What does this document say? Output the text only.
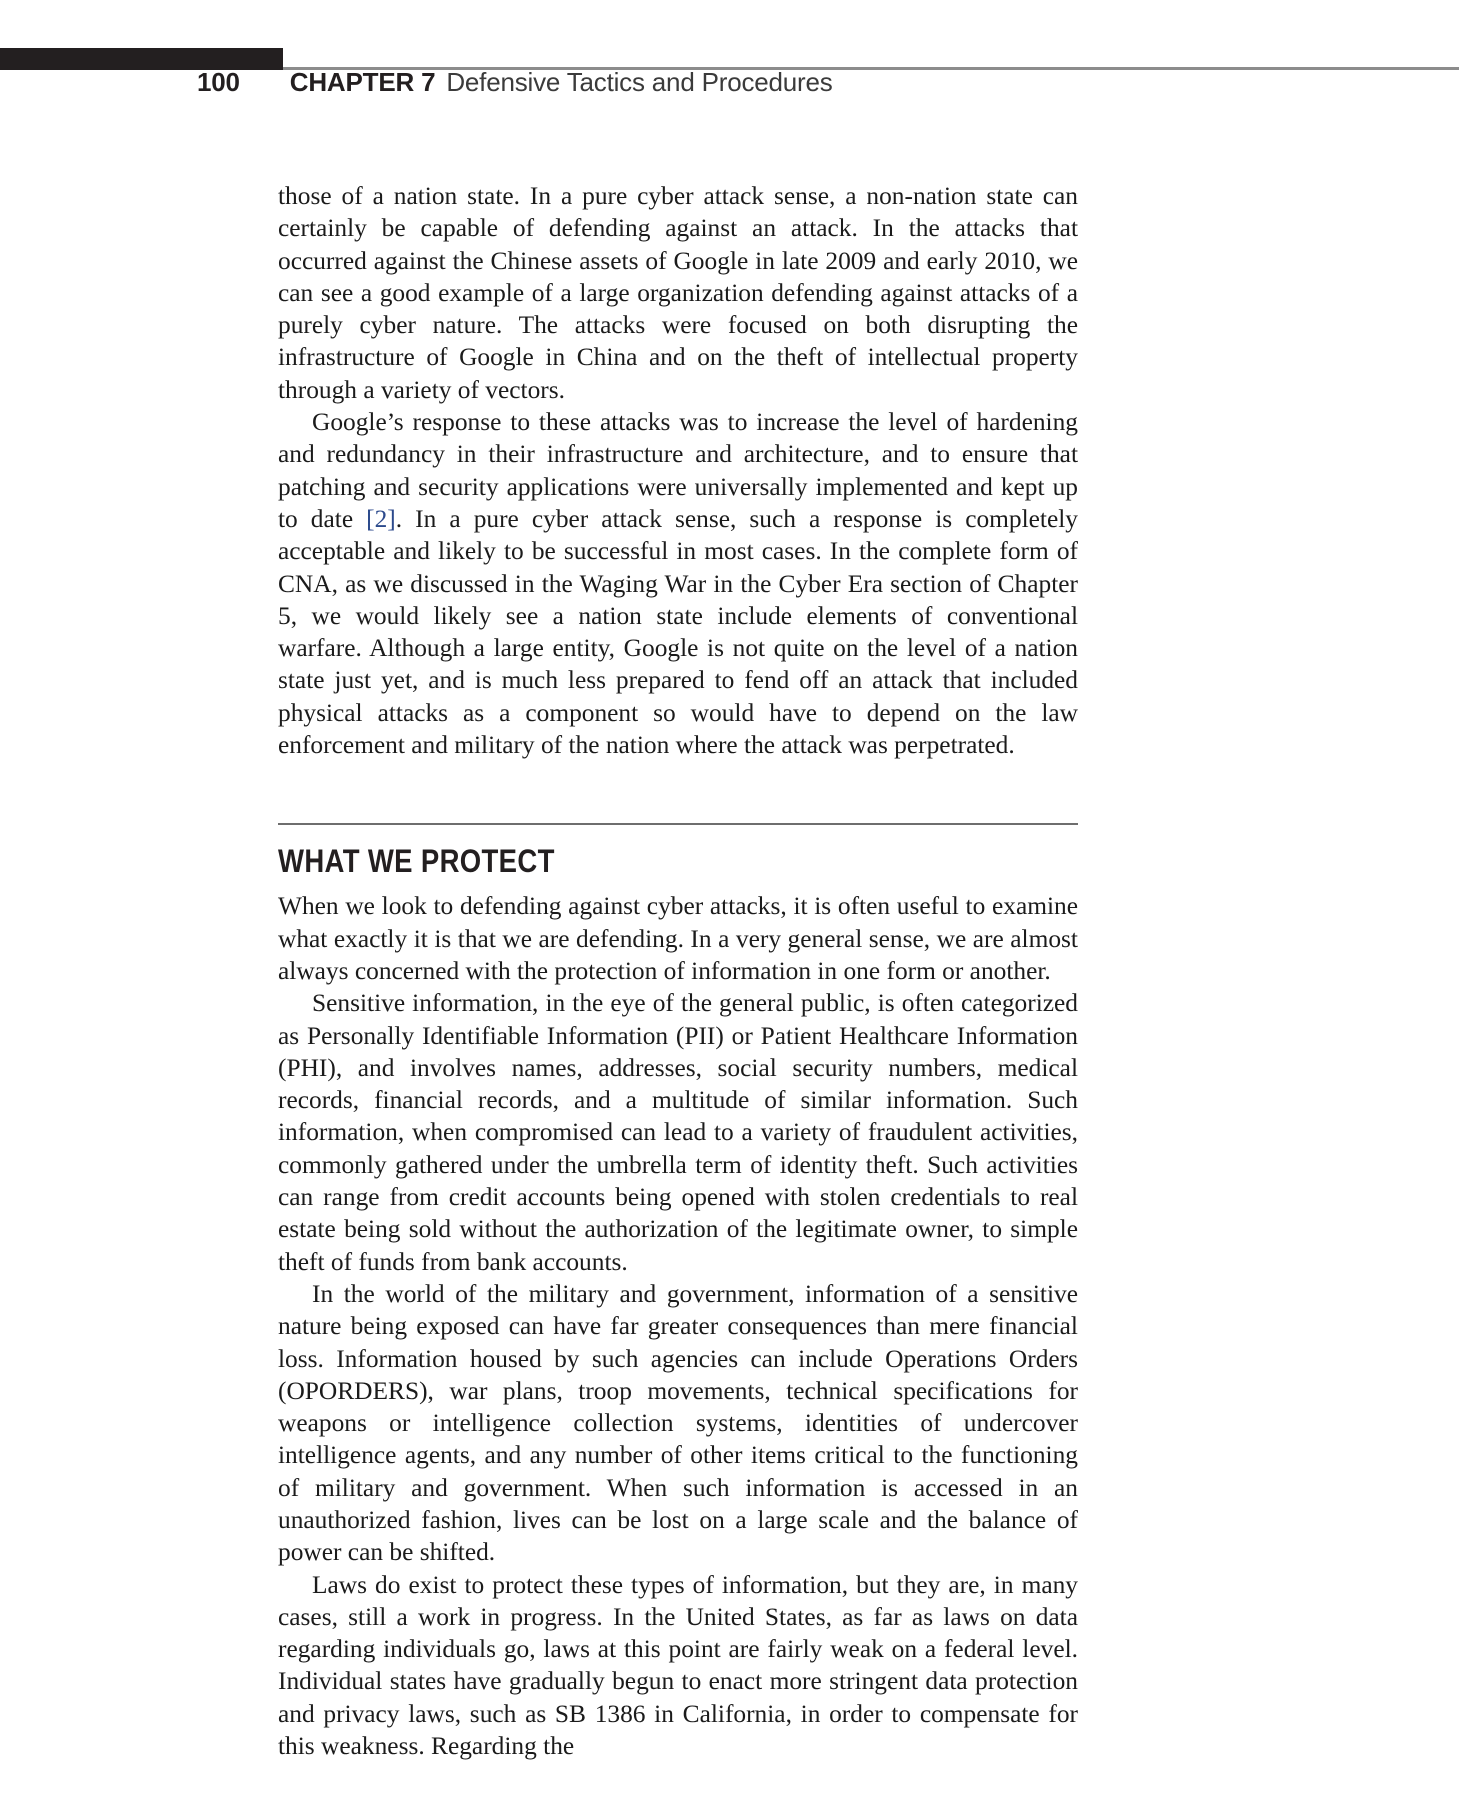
100 CHAPTER 7 Defensive Tactics and Procedures

those of a nation state. In a pure cyber attack sense, a non-nation state can certainly be capable of defending against an attack. In the attacks that occurred against the Chinese assets of Google in late 2009 and early 2010, we can see a good example of a large organization defending against attacks of a purely cyber nature. The attacks were focused on both disrupting the infrastructure of Google in China and on the theft of intellectual property through a variety of vectors.

Google’s response to these attacks was to increase the level of hardening and redundancy in their infrastructure and architecture, and to ensure that patching and security applications were universally implemented and kept up to date [2]. In a pure cyber attack sense, such a response is completely acceptable and likely to be successful in most cases. In the complete form of CNA, as we discussed in the Waging War in the Cyber Era section of Chapter 5, we would likely see a nation state include elements of conventional warfare. Although a large entity, Google is not quite on the level of a nation state just yet, and is much less prepared to fend off an attack that included physical attacks as a component so would have to depend on the law enforcement and military of the nation where the attack was perpetrated.

WHAT WE PROTECT

When we look to defending against cyber attacks, it is often useful to examine what exactly it is that we are defending. In a very general sense, we are almost always concerned with the protection of information in one form or another.

Sensitive information, in the eye of the general public, is often categorized as Personally Identifiable Information (PII) or Patient Healthcare Information (PHI), and involves names, addresses, social security numbers, medical records, financial records, and a multitude of similar information. Such information, when compromised can lead to a variety of fraudulent activities, commonly gathered under the umbrella term of identity theft. Such activities can range from credit accounts being opened with stolen credentials to real estate being sold without the authorization of the legitimate owner, to simple theft of funds from bank accounts.

In the world of the military and government, information of a sensitive nature being exposed can have far greater consequences than mere financial loss. Information housed by such agencies can include Operations Orders (OPORDERS), war plans, troop movements, technical specifications for weapons or intelligence collection systems, identities of undercover intelligence agents, and any number of other items critical to the functioning of military and government. When such information is accessed in an unauthorized fashion, lives can be lost on a large scale and the balance of power can be shifted.

Laws do exist to protect these types of information, but they are, in many cases, still a work in progress. In the United States, as far as laws on data regarding individuals go, laws at this point are fairly weak on a federal level. Individual states have gradually begun to enact more stringent data protection and privacy laws, such as SB 1386 in California, in order to compensate for this weakness. Regarding the
